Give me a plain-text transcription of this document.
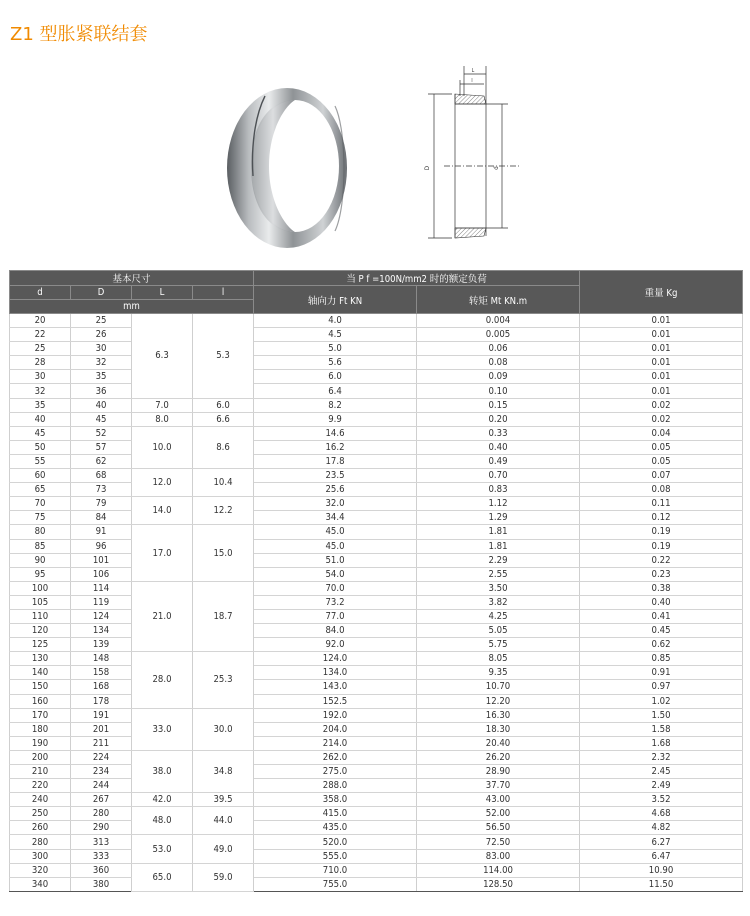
Z1 型胀紧联结套
L
l
D	d
基本尺寸				当 P f =100N/mm2 时的额定负荷		重量 Kg
d	D	L	l	轴向力 Ft KN	转矩 Mt KN.m	
mm						
20	25	6.3	5.3	4.0	0.004	0.01
22	26			4.5	0.005	0.01
25	30			5.0	0.06	0.01
28	32			5.6	0.08	0.01
30	35			6.0	0.09	0.01
32	36			6.4	0.10	0.01
35	40	7.0	6.0	8.2	0.15	0.02
40	45	8.0	6.6	9.9	0.20	0.02
45	52	10.0	8.6	14.6	0.33	0.04
50	57			16.2	0.40	0.05
55	62			17.8	0.49	0.05
60	68	12.0	10.4	23.5	0.70	0.07
65	73			25.6	0.83	0.08
70	79	14.0	12.2	32.0	1.12	0.11
75	84			34.4	1.29	0.12
80	91	17.0	15.0	45.0	1.81	0.19
85	96			45.0	1.81	0.19
90	101			51.0	2.29	0.22
95	106			54.0	2.55	0.23
100	114	21.0	18.7	70.0	3.50	0.38
105	119			73.2	3.82	0.40
110	124			77.0	4.25	0.41
120	134			84.0	5.05	0.45
125	139			92.0	5.75	0.62
130	148	28.0	25.3	124.0	8.05	0.85
140	158			134.0	9.35	0.91
150	168			143.0	10.70	0.97
160	178			152.5	12.20	1.02
170	191	33.0	30.0	192.0	16.30	1.50
180	201			204.0	18.30	1.58
190	211			214.0	20.40	1.68
200	224	38.0	34.8	262.0	26.20	2.32
210	234			275.0	28.90	2.45
220	244			288.0	37.70	2.49
240	267	42.0	39.5	358.0	43.00	3.52
250	280	48.0	44.0	415.0	52.00	4.68
260	290			435.0	56.50	4.82
280	313	53.0	49.0	520.0	72.50	6.27
300	333			555.0	83.00	6.47
320	360	65.0	59.0	710.0	114.00	10.90
340	380			755.0	128.50	11.50
